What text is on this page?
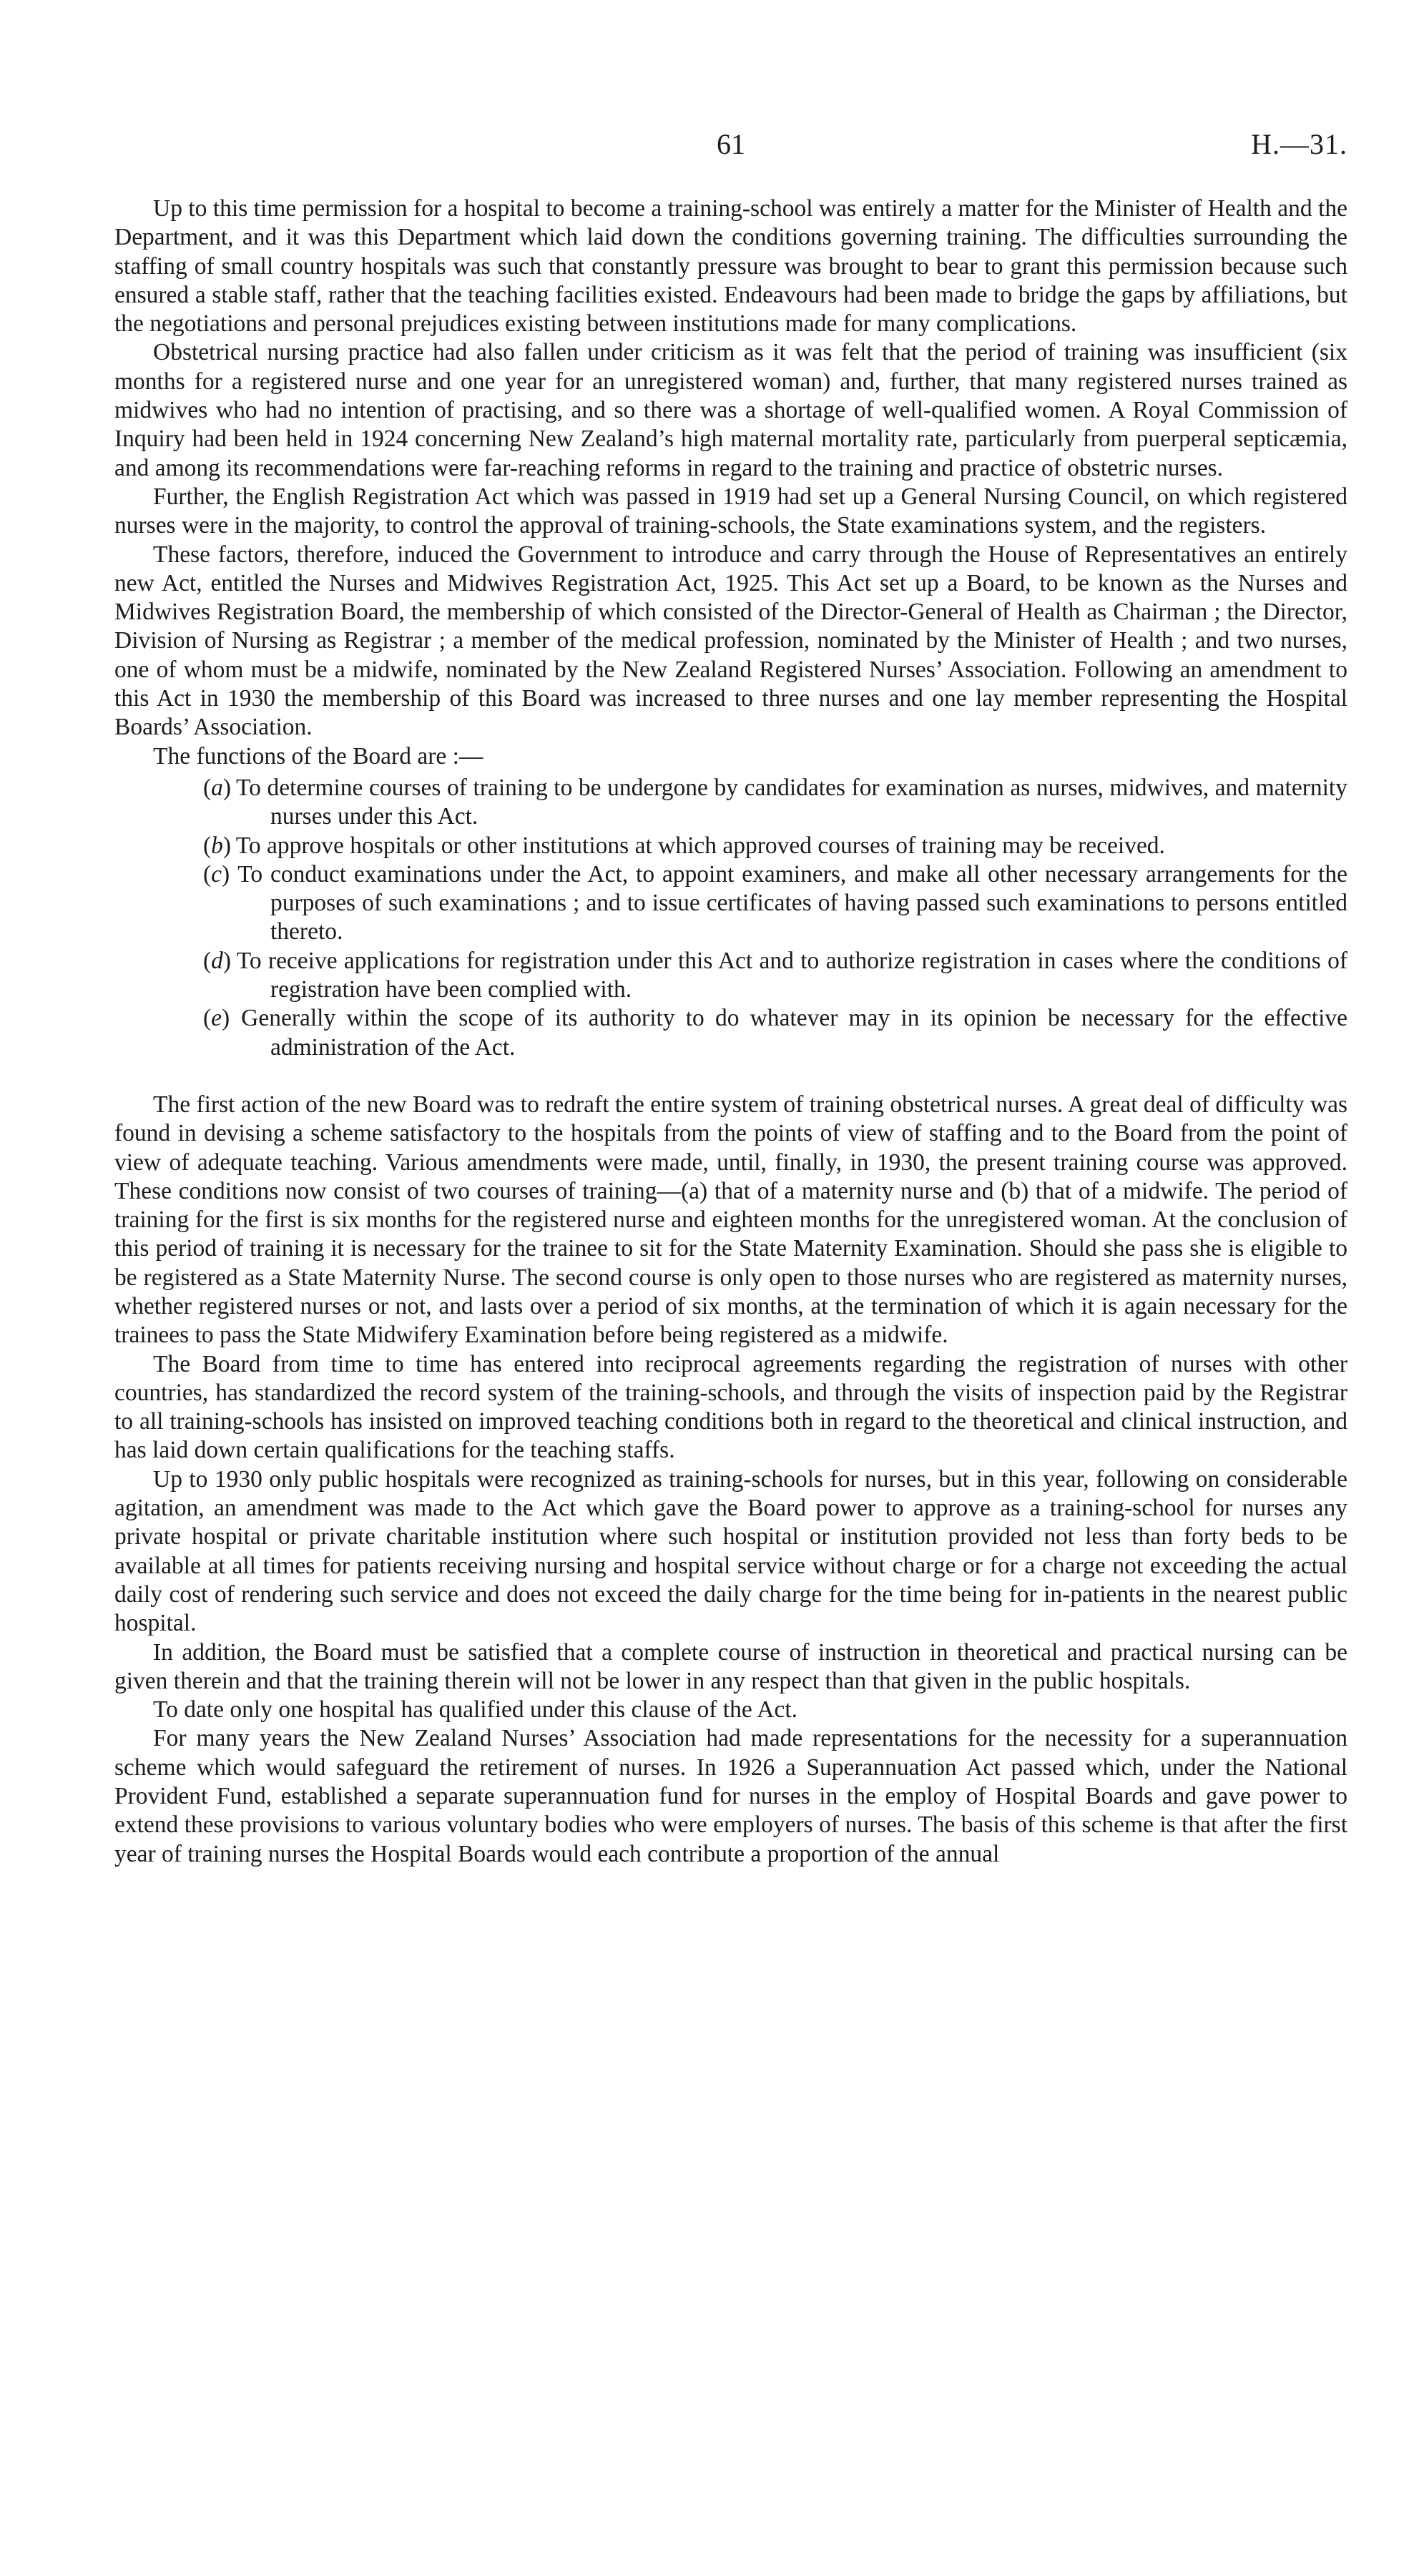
61	H.—31.

Up to this time permission for a hospital to become a training-school was entirely a matter for the Minister of Health and the Department, and it was this Department which laid down the conditions governing training. The difficulties surrounding the staffing of small country hospitals was such that constantly pressure was brought to bear to grant this permission because such ensured a stable staff, rather that the teaching facilities existed. Endeavours had been made to bridge the gaps by affiliations, but the negotiations and personal prejudices existing between institutions made for many complications.

Obstetrical nursing practice had also fallen under criticism as it was felt that the period of training was insufficient (six months for a registered nurse and one year for an unregistered woman) and, further, that many registered nurses trained as midwives who had no intention of practising, and so there was a shortage of well-qualified women. A Royal Commission of Inquiry had been held in 1924 concerning New Zealand’s high maternal mortality rate, particularly from puerperal septicæmia, and among its recommendations were far-reaching reforms in regard to the training and practice of obstetric nurses.

Further, the English Registration Act which was passed in 1919 had set up a General Nursing Council, on which registered nurses were in the majority, to control the approval of training-schools, the State examinations system, and the registers.

These factors, therefore, induced the Government to introduce and carry through the House of Representatives an entirely new Act, entitled the Nurses and Midwives Registration Act, 1925. This Act set up a Board, to be known as the Nurses and Midwives Registration Board, the membership of which consisted of the Director-General of Health as Chairman ; the Director, Division of Nursing as Registrar ; a member of the medical profession, nominated by the Minister of Health ; and two nurses, one of whom must be a midwife, nominated by the New Zealand Registered Nurses’ Association. Following an amendment to this Act in 1930 the membership of this Board was increased to three nurses and one lay member representing the Hospital Boards’ Association.

The functions of the Board are :—

(a) To determine courses of training to be undergone by candidates for examination as nurses, midwives, and maternity nurses under this Act.
(b) To approve hospitals or other institutions at which approved courses of training may be received.
(c) To conduct examinations under the Act, to appoint examiners, and make all other necessary arrangements for the purposes of such examinations ; and to issue certificates of having passed such examinations to persons entitled thereto.
(d) To receive applications for registration under this Act and to authorize registration in cases where the conditions of registration have been complied with.
(e) Generally within the scope of its authority to do whatever may in its opinion be necessary for the effective administration of the Act.

The first action of the new Board was to redraft the entire system of training obstetrical nurses. A great deal of difficulty was found in devising a scheme satisfactory to the hospitals from the points of view of staffing and to the Board from the point of view of adequate teaching. Various amendments were made, until, finally, in 1930, the present training course was approved. These conditions now consist of two courses of training—(a) that of a maternity nurse and (b) that of a midwife. The period of training for the first is six months for the registered nurse and eighteen months for the unregistered woman. At the conclusion of this period of training it is necessary for the trainee to sit for the State Maternity Examination. Should she pass she is eligible to be registered as a State Maternity Nurse. The second course is only open to those nurses who are registered as maternity nurses, whether registered nurses or not, and lasts over a period of six months, at the termination of which it is again necessary for the trainees to pass the State Midwifery Examination before being registered as a midwife.

The Board from time to time has entered into reciprocal agreements regarding the registration of nurses with other countries, has standardized the record system of the training-schools, and through the visits of inspection paid by the Registrar to all training-schools has insisted on improved teaching conditions both in regard to the theoretical and clinical instruction, and has laid down certain qualifications for the teaching staffs.

Up to 1930 only public hospitals were recognized as training-schools for nurses, but in this year, following on considerable agitation, an amendment was made to the Act which gave the Board power to approve as a training-school for nurses any private hospital or private charitable institution where such hospital or institution provided not less than forty beds to be available at all times for patients receiving nursing and hospital service without charge or for a charge not exceeding the actual daily cost of rendering such service and does not exceed the daily charge for the time being for in-patients in the nearest public hospital.

In addition, the Board must be satisfied that a complete course of instruction in theoretical and practical nursing can be given therein and that the training therein will not be lower in any respect than that given in the public hospitals.

To date only one hospital has qualified under this clause of the Act.

For many years the New Zealand Nurses’ Association had made representations for the necessity for a superannuation scheme which would safeguard the retirement of nurses. In 1926 a Superannuation Act passed which, under the National Provident Fund, established a separate superannuation fund for nurses in the employ of Hospital Boards and gave power to extend these provisions to various voluntary bodies who were employers of nurses. The basis of this scheme is that after the first year of training nurses the Hospital Boards would each contribute a proportion of the annual
